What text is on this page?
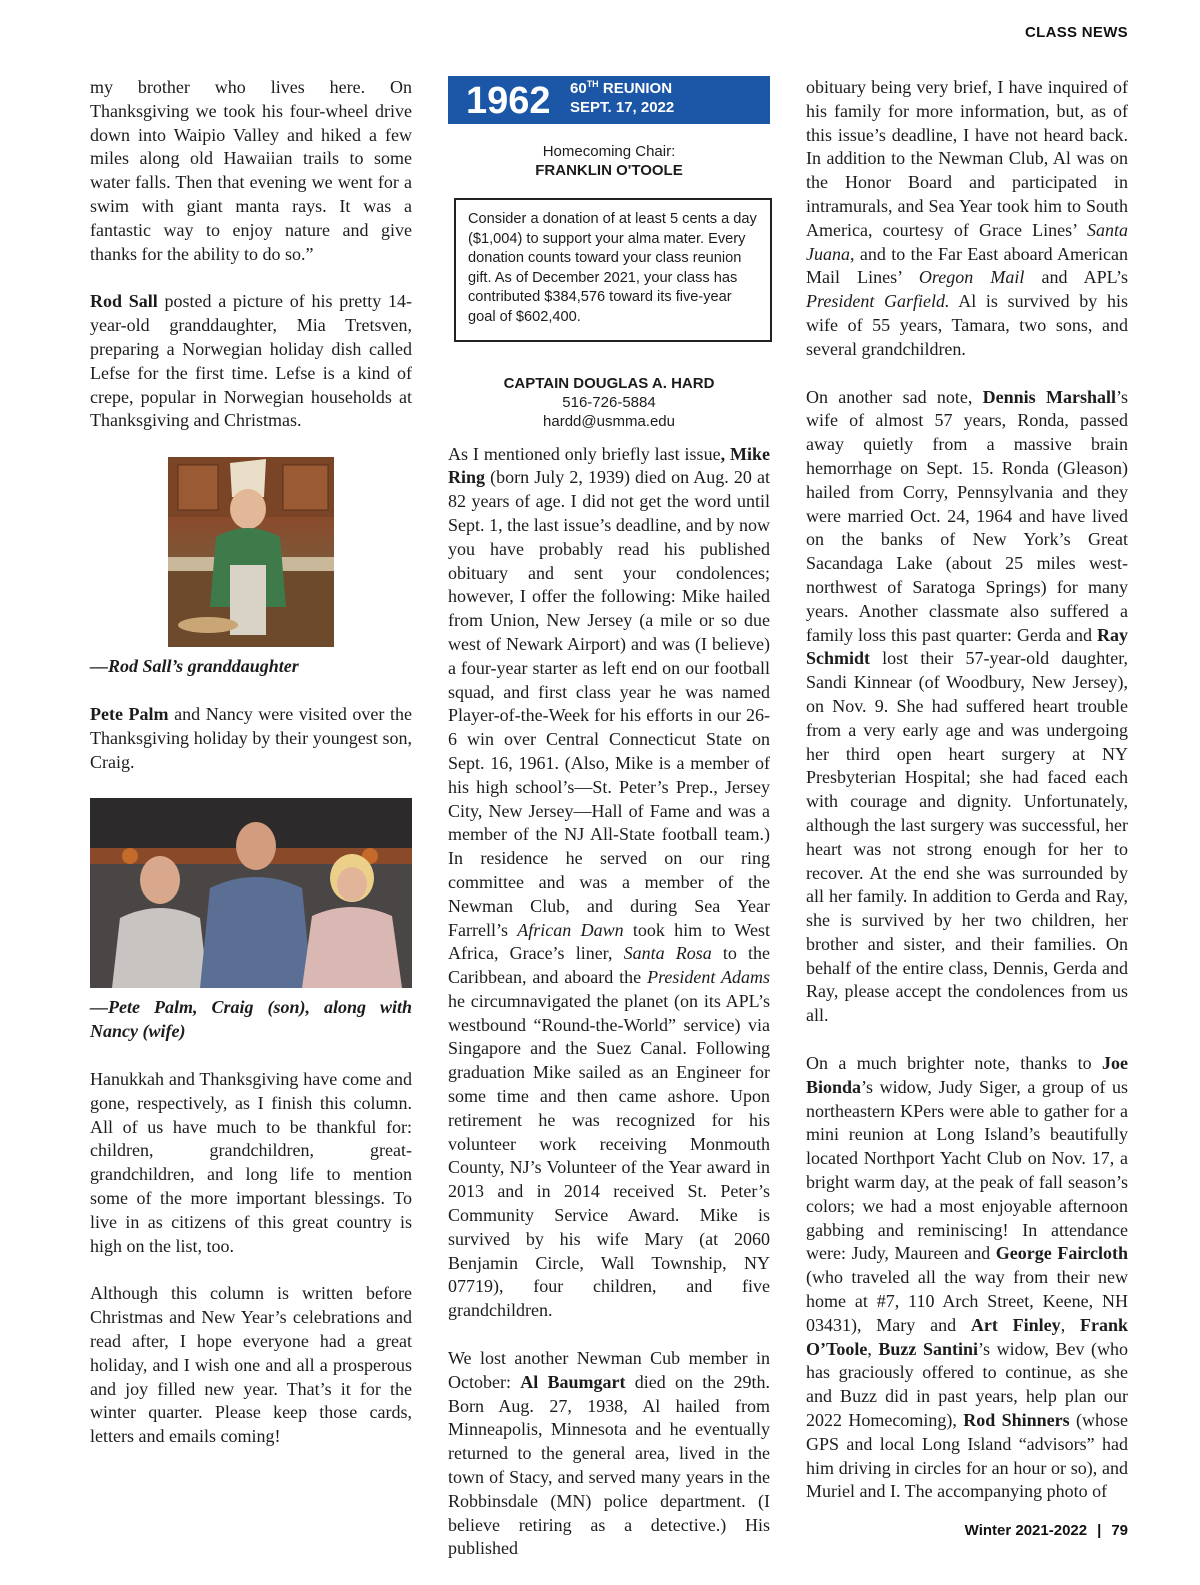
CLASS NEWS

my brother who lives here. On Thanksgiving we took his four-wheel drive down into Waipio Valley and hiked a few miles along old Hawaiian trails to some water falls. Then that evening we went for a swim with giant manta rays. It was a fantastic way to enjoy nature and give thanks for the ability to do so.”

Rod Sall posted a picture of his pretty 14-year-old granddaughter, Mia Tretsven, preparing a Norwegian holiday dish called Lefse for the first time. Lefse is a kind of crepe, popular in Norwegian households at Thanksgiving and Christmas.

—Rod Sall’s granddaughter

Pete Palm and Nancy were visited over the Thanksgiving holiday by their youngest son, Craig.

—Pete Palm, Craig (son), along with Nancy (wife)

Hanukkah and Thanksgiving have come and gone, respectively, as I finish this column. All of us have much to be thankful for: children, grandchildren, great-grandchildren, and long life to mention some of the more important blessings. To live in as citizens of this great country is high on the list, too.

Although this column is written before Christmas and New Year’s celebrations and read after, I hope everyone had a great holiday, and I wish one and all a prosperous and joy filled new year. That’s it for the winter quarter. Please keep those cards, letters and emails coming!

1962 60TH REUNION
SEPT. 17, 2022
Homecoming Chair:
FRANKLIN O'TOOLE
Consider a donation of at least 5 cents a day ($1,004) to support your alma mater. Every donation counts toward your class reunion gift. As of December 2021, your class has contributed $384,576 toward its five-year goal of $602,400.
CAPTAIN DOUGLAS A. HARD
516-726-5884
hardd@usmma.edu

As I mentioned only briefly last issue, Mike Ring (born July 2, 1939) died on Aug. 20 at 82 years of age. I did not get the word until Sept. 1, the last issue’s deadline, and by now you have probably read his published obituary and sent your condolences; however, I offer the following: Mike hailed from Union, New Jersey (a mile or so due west of Newark Airport) and was (I believe) a four-year starter as left end on our football squad, and first class year he was named Player-of-the-Week for his efforts in our 26-6 win over Central Connecticut State on Sept. 16, 1961. (Also, Mike is a member of his high school’s—St. Peter’s Prep., Jersey City, New Jersey—Hall of Fame and was a member of the NJ All-State football team.) In residence he served on our ring committee and was a member of the Newman Club, and during Sea Year Farrell’s African Dawn took him to West Africa, Grace’s liner, Santa Rosa to the Caribbean, and aboard the President Adams he circumnavigated the planet (on its APL’s westbound “Round-the-World” service) via Singapore and the Suez Canal. Following graduation Mike sailed as an Engineer for some time and then came ashore. Upon retirement he was recognized for his volunteer work receiving Monmouth County, NJ’s Volunteer of the Year award in 2013 and in 2014 received St. Peter’s Community Service Award. Mike is survived by his wife Mary (at 2060 Benjamin Circle, Wall Township, NY 07719), four children, and five grandchildren.

We lost another Newman Cub member in October: Al Baumgart died on the 29th. Born Aug. 27, 1938, Al hailed from Minneapolis, Minnesota and he eventually returned to the general area, lived in the town of Stacy, and served many years in the Robbinsdale (MN) police department. (I believe retiring as a detective.) His published

obituary being very brief, I have inquired of his family for more information, but, as of this issue’s deadline, I have not heard back. In addition to the Newman Club, Al was on the Honor Board and participated in intramurals, and Sea Year took him to South America, courtesy of Grace Lines’ Santa Juana, and to the Far East aboard American Mail Lines’ Oregon Mail and APL’s President Garfield. Al is survived by his wife of 55 years, Tamara, two sons, and several grandchildren.

On another sad note, Dennis Marshall’s wife of almost 57 years, Ronda, passed away quietly from a massive brain hemorrhage on Sept. 15. Ronda (Gleason) hailed from Corry, Pennsylvania and they were married Oct. 24, 1964 and have lived on the banks of New York’s Great Sacandaga Lake (about 25 miles west-northwest of Saratoga Springs) for many years. Another classmate also suffered a family loss this past quarter: Gerda and Ray Schmidt lost their 57-year-old daughter, Sandi Kinnear (of Woodbury, New Jersey), on Nov. 9. She had suffered heart trouble from a very early age and was undergoing her third open heart surgery at NY Presbyterian Hospital; she had faced each with courage and dignity. Unfortunately, although the last surgery was successful, her heart was not strong enough for her to recover. At the end she was surrounded by all her family. In addition to Gerda and Ray, she is survived by her two children, her brother and sister, and their families. On behalf of the entire class, Dennis, Gerda and Ray, please accept the condolences from us all.

On a much brighter note, thanks to Joe Bionda’s widow, Judy Siger, a group of us northeastern KPers were able to gather for a mini reunion at Long Island’s beautifully located Northport Yacht Club on Nov. 17, a bright warm day, at the peak of fall season’s colors; we had a most enjoyable afternoon gabbing and reminiscing! In attendance were: Judy, Maureen and George Faircloth (who traveled all the way from their new home at #7, 110 Arch Street, Keene, NH 03431), Mary and Art Finley, Frank O’Toole, Buzz Santini’s widow, Bev (who has graciously offered to continue, as she and Buzz did in past years, help plan our 2022 Homecoming), Rod Shinners (whose GPS and local Long Island “advisors” had him driving in circles for an hour or so), and Muriel and I. The accompanying photo of

Winter 2021-2022 | 79
